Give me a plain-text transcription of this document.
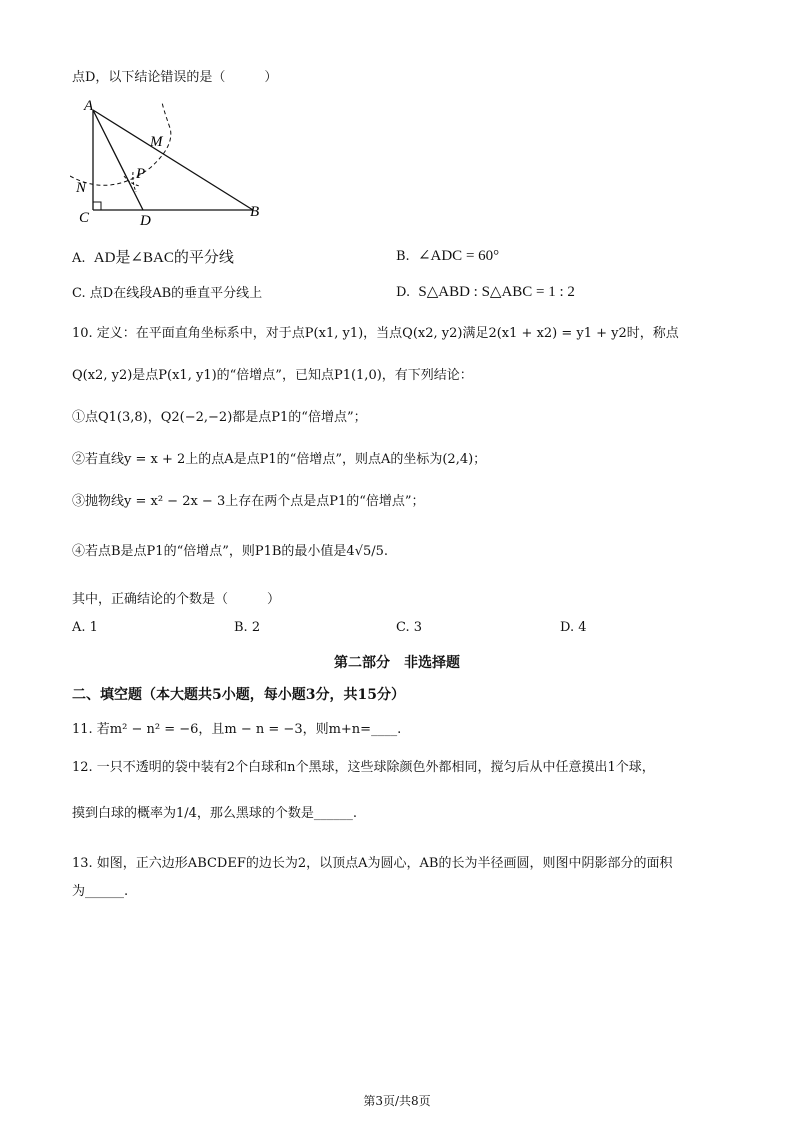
点D，以下结论错误的是（　　　）
A
M
P
N
C	D
B
A. AD是∠BAC的平分线	B. ∠ADC = 60°
C. 点D在线段AB的垂直平分线上	D. S△ABD : S△ABC = 1 : 2
10. 定义：在平面直角坐标系中，对于点P(x1, y1)，当点Q(x2, y2)满足2(x1 + x2) = y1 + y2时，称点
Q(x2, y2)是点P(x1, y1)的“倍增点”，已知点P1(1,0)，有下列结论：
①点Q1(3,8)，Q2(−2,−2)都是点P1的“倍增点”；
②若直线y = x + 2上的点A是点P1的“倍增点”，则点A的坐标为(2,4)；
③抛物线y = x² − 2x − 3上存在两个点是点P1的“倍增点”；
④若点B是点P1的“倍增点”，则P1B的最小值是4√5/5.
其中，正确结论的个数是（　　　）
A. 1	B. 2	C. 3	D. 4
第二部分　非选择题
二、填空题（本大题共5小题，每小题3分，共15分）
11. 若m² − n² = −6，且m − n = −3，则m+n=____.
12. 一只不透明的袋中装有2个白球和n个黑球，这些球除颜色外都相同，搅匀后从中任意摸出1个球，
摸到白球的概率为1/4，那么黑球的个数是______.
13. 如图，正六边形ABCDEF的边长为2，以顶点A为圆心，AB的长为半径画圆，则图中阴影部分的面积
为______.
第3页/共8页
